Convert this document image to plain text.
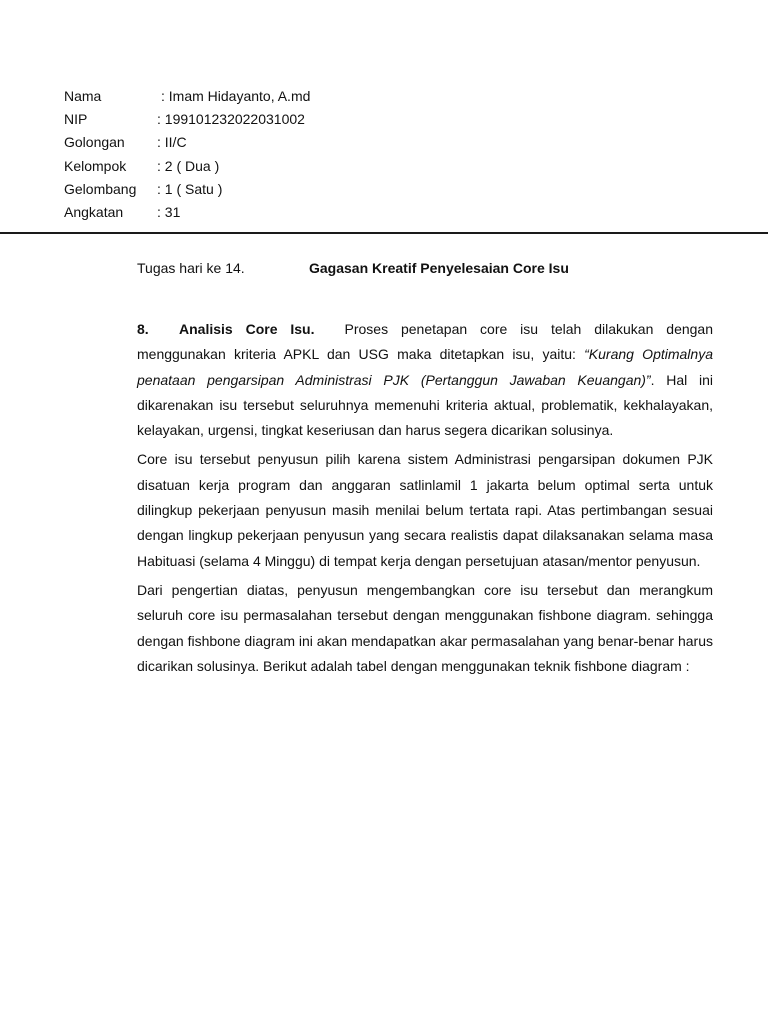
Nama	: Imam Hidayanto, A.md
NIP	: 199101232022031002
Golongan	: II/C
Kelompok	: 2 ( Dua )
Gelombang	: 1 ( Satu )
Angkatan	: 31
Tugas hari ke 14.	Gagasan Kreatif Penyelesaian Core Isu

8. Analisis Core Isu. Proses penetapan core isu telah dilakukan dengan menggunakan kriteria APKL dan USG maka ditetapkan isu, yaitu: “Kurang Optimalnya penataan pengarsipan Administrasi PJK (Pertanggun Jawaban Keuangan)”. Hal ini dikarenakan isu tersebut seluruhnya memenuhi kriteria aktual, problematik, kekhalayakan, kelayakan, urgensi, tingkat keseriusan dan harus segera dicarikan solusinya.

Core isu tersebut penyusun pilih karena sistem Administrasi pengarsipan dokumen PJK disatuan kerja program dan anggaran satlinlamil 1 jakarta belum optimal serta untuk dilingkup pekerjaan penyusun masih menilai belum tertata rapi. Atas pertimbangan sesuai dengan lingkup pekerjaan penyusun yang secara realistis dapat dilaksanakan selama masa Habituasi (selama 4 Minggu) di tempat kerja dengan persetujuan atasan/mentor penyusun.

Dari pengertian diatas, penyusun mengembangkan core isu tersebut dan merangkum seluruh core isu permasalahan tersebut dengan menggunakan fishbone diagram. sehingga dengan fishbone diagram ini akan mendapatkan akar permasalahan yang benar-benar harus dicarikan solusinya. Berikut adalah tabel dengan menggunakan teknik fishbone diagram :
